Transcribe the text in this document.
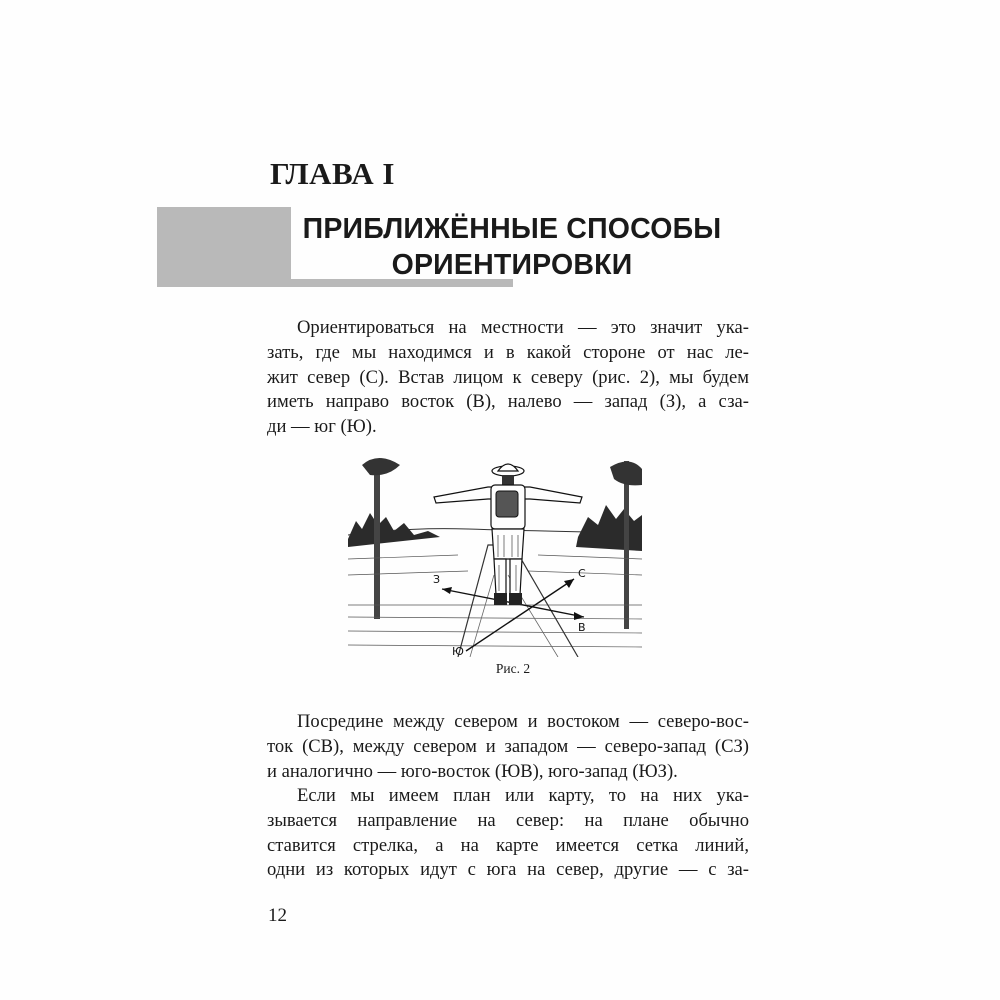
ГЛАВА I
ПРИБЛИЖЁННЫЕ СПОСОБЫ
ОРИЕНТИРОВКИ
Ориентироваться на местности — это значит ука-
зать, где мы находимся и в какой стороне от нас ле-
жит север (С). Встав лицом к северу (рис. 2), мы будем
иметь направо восток (В), налево — запад (З), а сза-
ди — юг (Ю).
З
В
С
Ю
Рис. 2
Посредине между севером и востоком — северо-вос-
ток (СВ), между севером и западом — северо-запад (СЗ)
и аналогично — юго-восток (ЮВ), юго-запад (ЮЗ).
Если мы имеем план или карту, то на них ука-
зывается направление на север: на плане обычно
ставится стрелка, а на карте имеется сетка линий,
одни из которых идут с юга на север, другие — с за-
12
